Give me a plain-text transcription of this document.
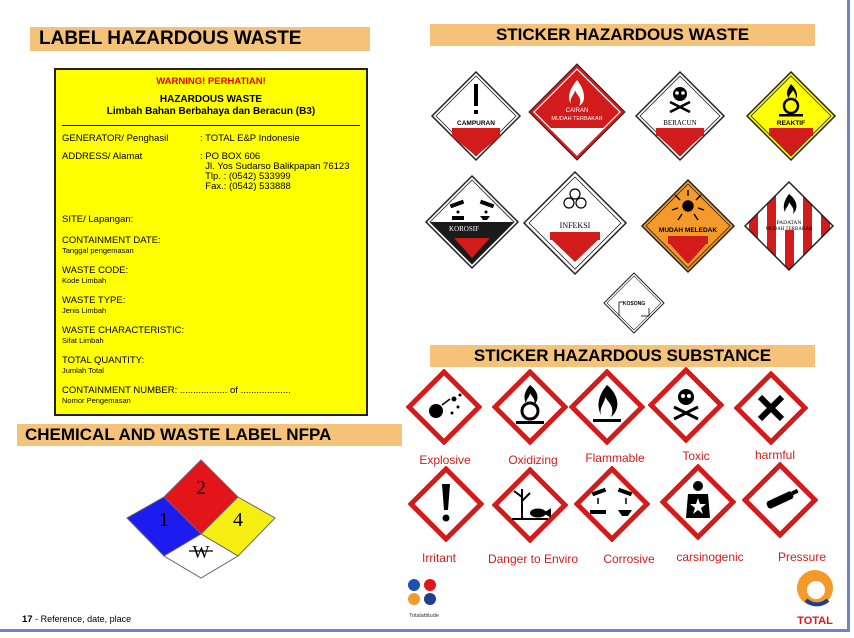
LABEL HAZARDOUS WASTE	STICKER HAZARDOUS WASTE
STICKER HAZARDOUS SUBSTANCE
CHEMICAL AND WASTE LABEL NFPA
WARNING! PERHATIAN!
HAZARDOUS WASTE
Limbah Bahan Berbahaya dan Beracun (B3)
GENERATOR/ Penghasil	: TOTAL E&P Indonesie
ADDRESS/ Alamat	: PO BOX 606
Jl. Yos Sudarso Balikpapan 76123
Tlp. : (0542) 533999
Fax.: (0542) 533888
SITE/ Lapangan:
CONTAINMENT DATE:
Tanggal pengemasan
WASTE CODE:
Kode Limbah
WASTE TYPE:
Jenis Limbah
WASTE CHARACTERISTIC:
Sifat Limbah
TOTAL QUANTITY:
Jumlah Total
CONTAINMENT NUMBER: .................. of ...................
Nomor Pengemasan
CAMPURAN
CAIRAN
MUDAH TERBAKAR	BERACUN	REAKTIF
KOROSIF	INFEKSI
MUDAH MELEDAK
PADATAN
MUDAH TERBAKAR
KOSONG
2
1	4
W
Explosive	Oxidizing	Flammable	Toxic	harmful
Irritant	Danger to Enviro	Corrosive	carsinogenic	Pressure
17 - Reference, date, place	Totalattitude	TOTAL
